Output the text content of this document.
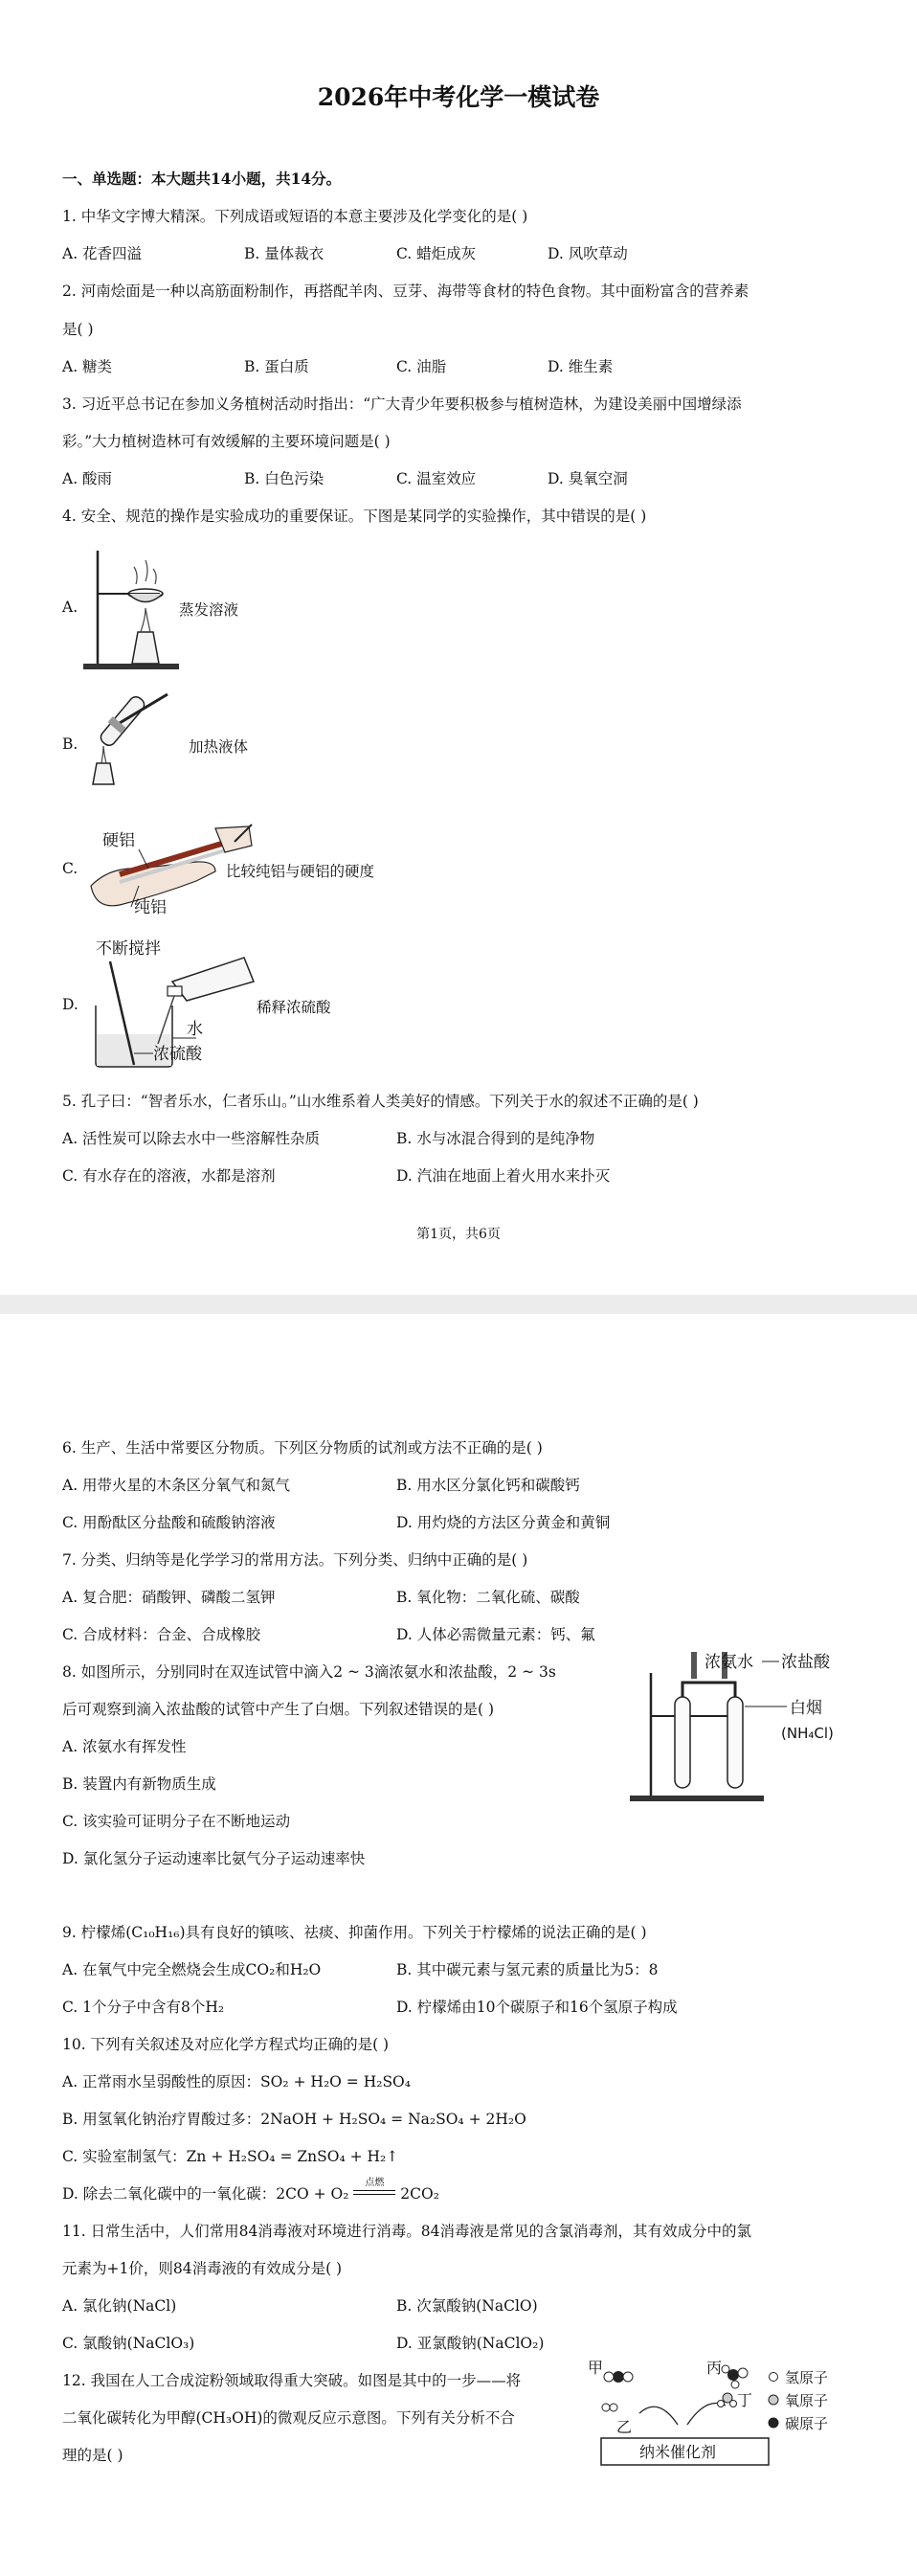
2026年中考化学一模试卷
一、单选题：本大题共14小题，共14分。
1. 中华文字博大精深。下列成语或短语的本意主要涉及化学变化的是( )
A. 花香四溢	B. 量体裁衣	C. 蜡炬成灰	D. 风吹草动
2. 河南烩面是一种以高筋面粉制作，再搭配羊肉、豆芽、海带等食材的特色食物。其中面粉富含的营养素
是( )
A. 糖类	B. 蛋白质	C. 油脂	D. 维生素
3. 习近平总书记在参加义务植树活动时指出：“广大青少年要积极参与植树造林，为建设美丽中国增绿添
彩。”大力植树造林可有效缓解的主要环境问题是( )
A. 酸雨	B. 白色污染	C. 温室效应	D. 臭氧空洞
4. 安全、规范的操作是实验成功的重要保证。下图是某同学的实验操作，其中错误的是( )
A.	蒸发溶液
B.	加热液体
C.
硬铝
纯铝
比较纯铝与硬铝的硬度
D.
不断搅拌
水
浓硫酸
稀释浓硫酸
5. 孔子曰：“智者乐水，仁者乐山。”山水维系着人类美好的情感。下列关于水的叙述不正确的是( )
A. 活性炭可以除去水中一些溶解性杂质	B. 水与冰混合得到的是纯净物
C. 有水存在的溶液，水都是溶剂	D. 汽油在地面上着火用水来扑灭
第1页，共6页
6. 生产、生活中常要区分物质。下列区分物质的试剂或方法不正确的是( )
A. 用带火星的木条区分氧气和氮气	B. 用水区分氯化钙和碳酸钙
C. 用酚酞区分盐酸和硫酸钠溶液	D. 用灼烧的方法区分黄金和黄铜
7. 分类、归纳等是化学学习的常用方法。下列分类、归纳中正确的是( )
A. 复合肥：硝酸钾、磷酸二氢钾	B. 氧化物：二氧化硫、碳酸
C. 合成材料：合金、合成橡胶	D. 人体必需微量元素：钙、氟
8. 如图所示，分别同时在双连试管中滴入2 ~ 3滴浓氨水和浓盐酸，2 ~ 3s
后可观察到滴入浓盐酸的试管中产生了白烟。下列叙述错误的是( )
A. 浓氨水有挥发性
B. 装置内有新物质生成
C. 该实验可证明分子在不断地运动
D. 氯化氢分子运动速率比氨气分子运动速率快
浓氨水 浓盐酸
白烟
(NH₄Cl)
9. 柠檬烯(C₁₀H₁₆)具有良好的镇咳、祛痰、抑菌作用。下列关于柠檬烯的说法正确的是( )
A. 在氧气中完全燃烧会生成CO₂和H₂O	B. 其中碳元素与氢元素的质量比为5：8
C. 1个分子中含有8个H₂	D. 柠檬烯由10个碳原子和16个氢原子构成
10. 下列有关叙述及对应化学方程式均正确的是( )
A. 正常雨水呈弱酸性的原因：SO₂ + H₂O = H₂SO₄
B. 用氢氧化钠治疗胃酸过多：2NaOH + H₂SO₄ = Na₂SO₄ + 2H₂O
C. 实验室制氢气：Zn + H₂SO₄ = ZnSO₄ + H₂↑
D. 除去二氧化碳中的一氧化碳：2CO + O₂
点燃
2CO₂
11. 日常生活中，人们常用84消毒液对环境进行消毒。84消毒液是常见的含氯消毒剂，其有效成分中的氯
元素为+1价，则84消毒液的有效成分是( )
A. 氯化钠(NaCl)	B. 次氯酸钠(NaClO)
C. 氯酸钠(NaClO₃)	D. 亚氯酸钠(NaClO₂)
12. 我国在人工合成淀粉领域取得重大突破。如图是其中的一步——将
二氧化碳转化为甲醇(CH₃OH)的微观反应示意图。下列有关分析不合
理的是( )
甲
乙
丙
丁
氢原子
氧原子
碳原子
纳米催化剂
